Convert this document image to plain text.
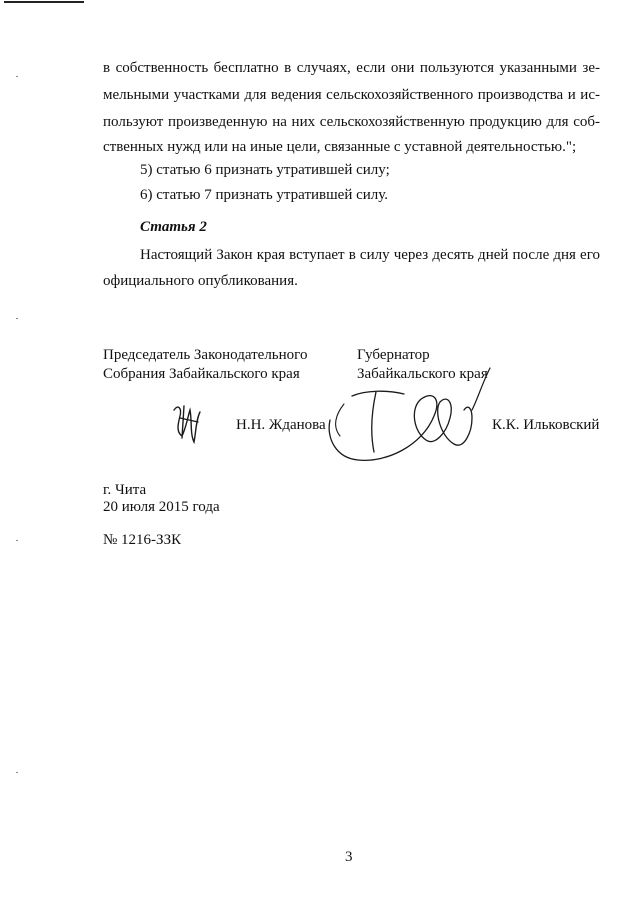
в собственность бесплатно в случаях, если они пользуются указанными зе-
мельными участками для ведения сельскохозяйственного производства и ис-
пользуют произведенную на них сельскохозяйственную продукцию для соб-
ственных нужд или на иные цели, связанные с уставной деятельностью.";
5) статью 6 признать утратившей силу;
6) статью 7 признать утратившей силу.
Статья 2
Настоящий Закон края вступает в силу через десять дней после дня его
официального опубликования.
Председатель Законодательного
Собрания Забайкальского края
Губернатор
Забайкальского края
Н.Н. Жданова	К.К. Ильковский
г. Чита
20 июля 2015 года
№ 1216-ЗЗК
3
